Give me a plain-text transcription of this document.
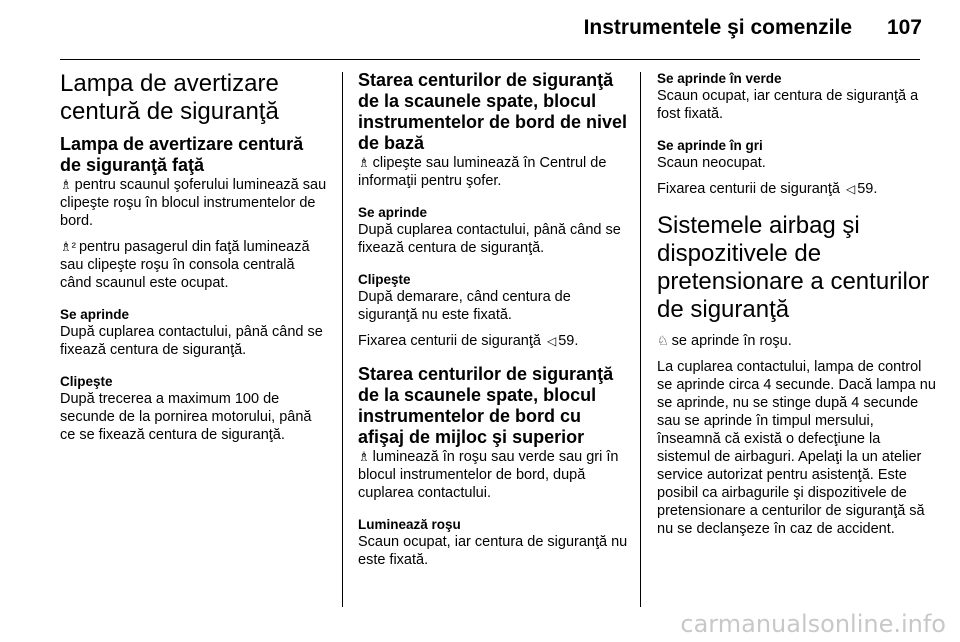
Instrumentele şi comenzile 107
Lampa de avertizare centură de siguranţă
Lampa de avertizare centură de siguranţă faţă

♗ pentru scaunul şoferului luminează sau clipeşte roşu în blocul instrumentelor de bord.

♗² pentru pasagerul din faţă luminează sau clipeşte roşu în consola centrală când scaunul este ocupat.

Se aprinde

După cuplarea contactului, până când se fixează centura de siguranţă.

Clipeşte

După trecerea a maximum 100 de secunde de la pornirea motorului, până ce se fixează centura de siguranţă.

Starea centurilor de siguranţă de la scaunele spate, blocul instrumentelor de bord de nivel de bază

♗ clipeşte sau luminează în Centrul de informaţii pentru şofer.

Se aprinde

După cuplarea contactului, până când se fixează centura de siguranţă.

Clipeşte

După demarare, când centura de siguranţă nu este fixată.

Fixarea centurii de siguranţă ◁ 59.

Starea centurilor de siguranţă de la scaunele spate, blocul instrumentelor de bord cu afişaj de mijloc şi superior

♗ luminează în roşu sau verde sau gri în blocul instrumentelor de bord, după cuplarea contactului.

Luminează roşu

Scaun ocupat, iar centura de siguranţă nu este fixată.

Se aprinde în verde

Scaun ocupat, iar centura de siguranţă a fost fixată.

Se aprinde în gri

Scaun neocupat.

Fixarea centurii de siguranţă ◁ 59.

Sistemele airbag şi dispozitivele de pretensionare a centurilor de siguranţă

♘ se aprinde în roşu.

La cuplarea contactului, lampa de control se aprinde circa 4 secunde. Dacă lampa nu se aprinde, nu se stinge după 4 secunde sau se aprinde în timpul mersului, înseamnă că există o defecţiune la sistemul de airbaguri. Apelaţi la un atelier service autorizat pentru asistenţă. Este posibil ca airbagurile şi dispozitivele de pretensionare a centurilor de siguranţă să nu se declanşeze în caz de accident.

carmanualsonline.info
